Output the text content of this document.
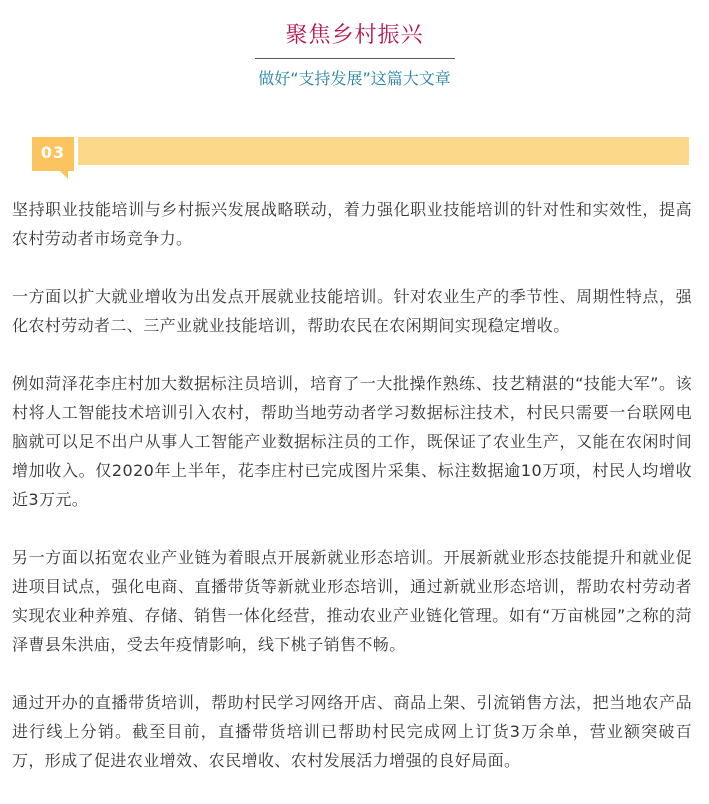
聚焦乡村振兴
做好“支持发展”这篇大文章
03

坚持职业技能培训与乡村振兴发展战略联动，着力强化职业技能培训的针对性和实效性，提高农村劳动者市场竞争力。

一方面以扩大就业增收为出发点开展就业技能培训。针对农业生产的季节性、周期性特点，强化农村劳动者二、三产业就业技能培训，帮助农民在农闲期间实现稳定增收。

例如菏泽花李庄村加大数据标注员培训，培育了一大批操作熟练、技艺精湛的“技能大军”。该村将人工智能技术培训引入农村，帮助当地劳动者学习数据标注技术，村民只需要一台联网电脑就可以足不出户从事人工智能产业数据标注员的工作，既保证了农业生产，又能在农闲时间增加收入。仅2020年上半年，花李庄村已完成图片采集、标注数据逾10万项，村民人均增收近3万元。

另一方面以拓宽农业产业链为着眼点开展新就业形态培训。开展新就业形态技能提升和就业促进项目试点，强化电商、直播带货等新就业形态培训，通过新就业形态培训，帮助农村劳动者实现农业种养殖、存储、销售一体化经营，推动农业产业链化管理。如有“万亩桃园”之称的菏泽曹县朱洪庙，受去年疫情影响，线下桃子销售不畅。

通过开办的直播带货培训，帮助村民学习网络开店、商品上架、引流销售方法，把当地农产品进行线上分销。截至目前，直播带货培训已帮助村民完成网上订货3万余单，营业额突破百万，形成了促进农业增效、农民增收、农村发展活力增强的良好局面。
